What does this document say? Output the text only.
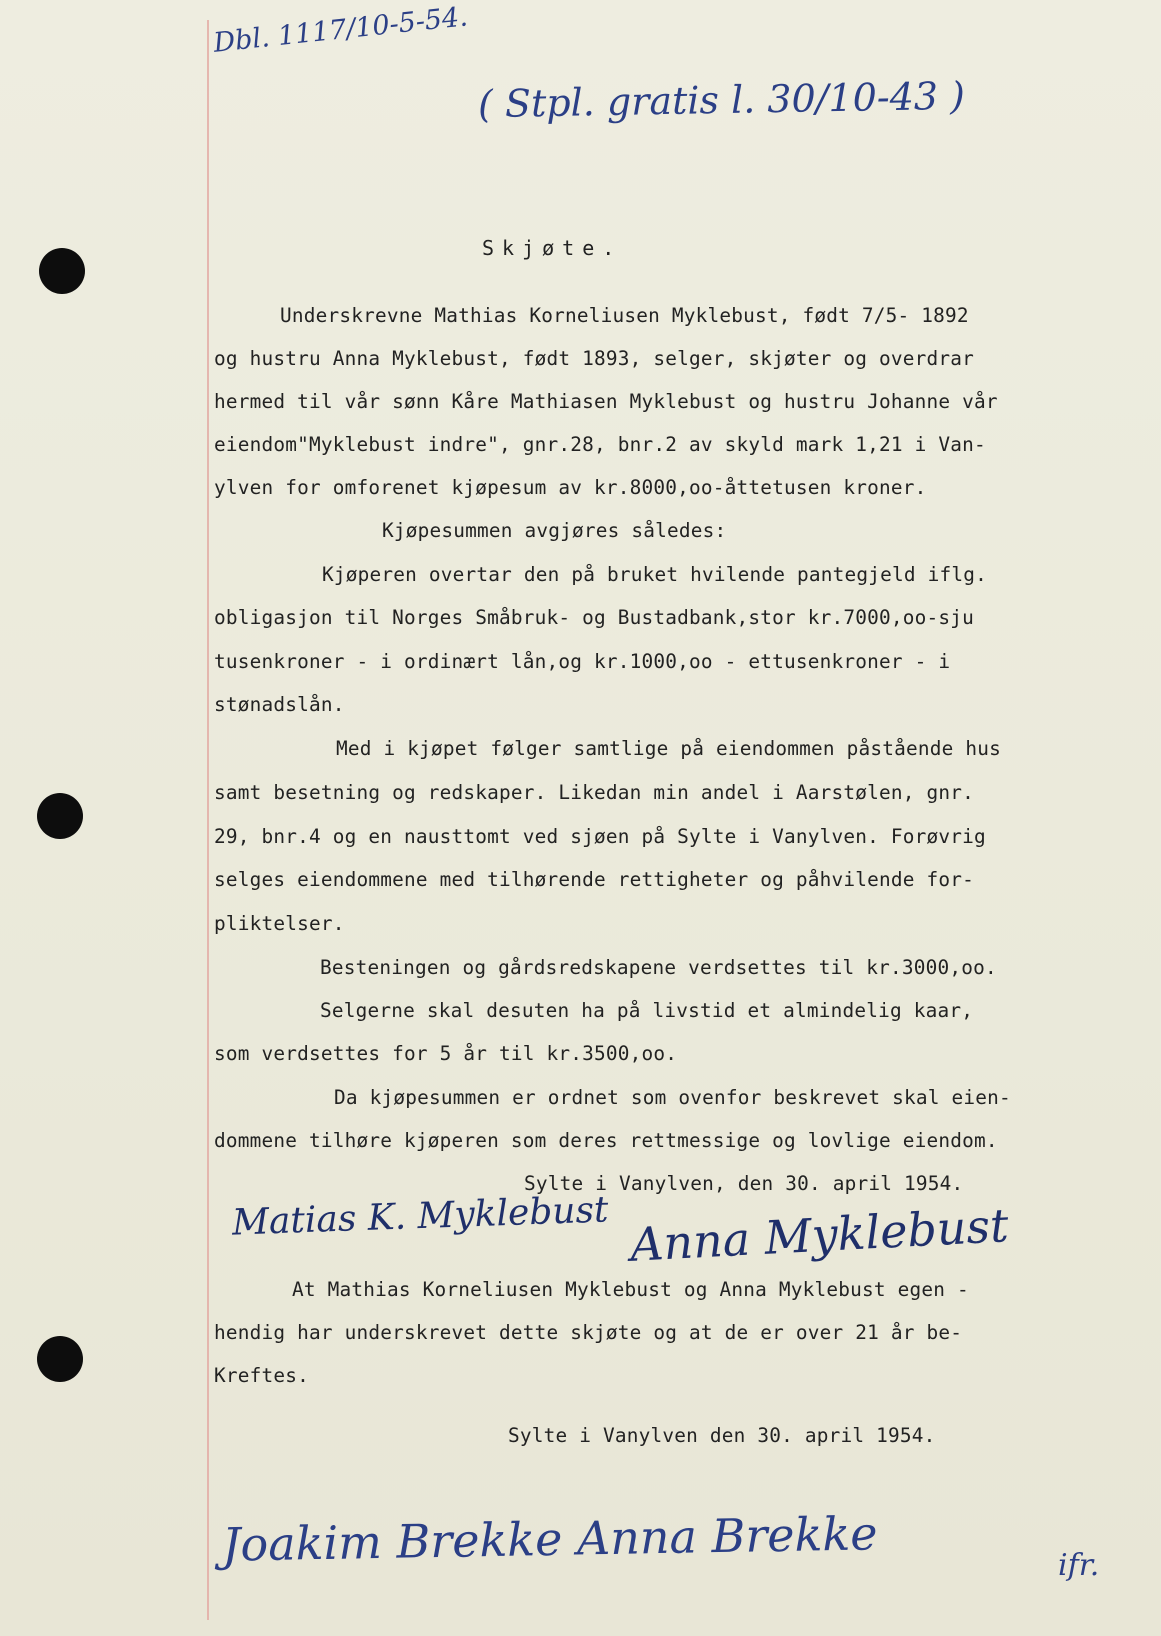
Dbl. 1117/10-5-54.
( Stpl. gratis l. 30/10-43 )
Skjøte.
Underskrevne Mathias Korneliusen Myklebust, født 7/5- 1892
og hustru Anna Myklebust, født 1893, selger, skjøter og overdrar
hermed til vår sønn Kåre Mathiasen Myklebust og hustru Johanne vår
eiendom"Myklebust indre", gnr.28, bnr.2 av skyld mark 1,21 i Van-
ylven for omforenet kjøpesum av kr.8000,oo-åttetusen kroner.
Kjøpesummen avgjøres således:
Kjøperen overtar den på bruket hvilende pantegjeld iflg.
obligasjon til Norges Småbruk- og Bustadbank,stor kr.7000,oo-sju
tusenkroner - i ordinært lån,og kr.1000,oo - ettusenkroner - i
stønadslån.
Med i kjøpet følger samtlige på eiendommen påstående hus
samt besetning og redskaper. Likedan min andel i Aarstølen, gnr.
29, bnr.4 og en nausttomt ved sjøen på Sylte i Vanylven. Forøvrig
selges eiendommene med tilhørende rettigheter og påhvilende for-
pliktelser.
Besteningen og gårdsredskapene verdsettes til kr.3000,oo.
Selgerne skal desuten ha på livstid et almindelig kaar,
som verdsettes for 5 år til kr.3500,oo.
Da kjøpesummen er ordnet som ovenfor beskrevet skal eien-
dommene tilhøre kjøperen som deres rettmessige og lovlige eiendom.
Sylte i Vanylven, den 30. april 1954.
Matias K. Myklebust Anna Myklebust
At Mathias Korneliusen Myklebust og Anna Myklebust egen -
hendig har underskrevet dette skjøte og at de er over 21 år be-
Kreftes.
Sylte i Vanylven den 30. april 1954.
Joakim Brekke Anna Brekke	ifr.
